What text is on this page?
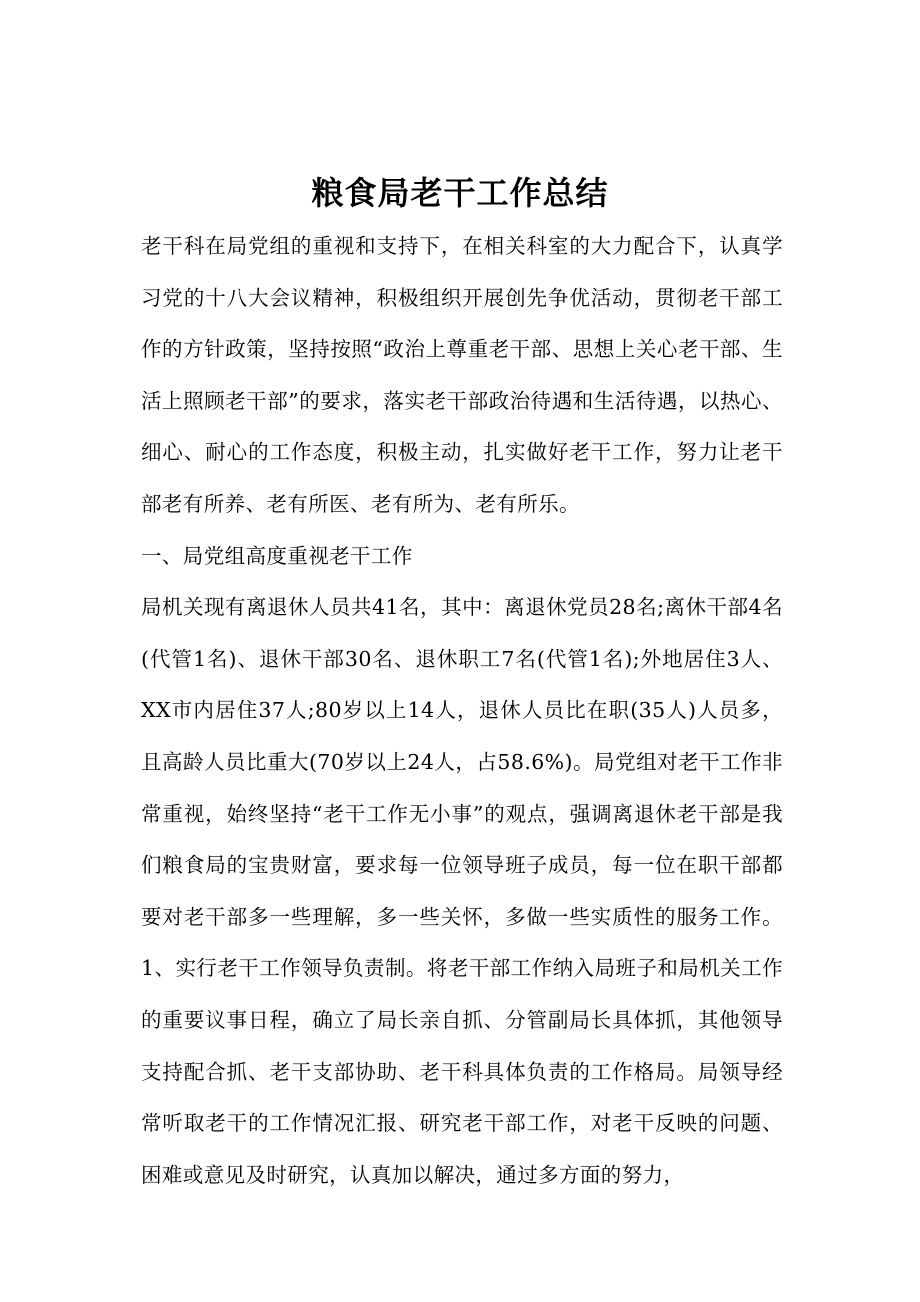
粮食局老干工作总结

老干科在局党组的重视和支持下，在相关科室的大力配合下，认真学习党的十八大会议精神，积极组织开展创先争优活动，贯彻老干部工作的方针政策，坚持按照“政治上尊重老干部、思想上关心老干部、生活上照顾老干部”的要求，落实老干部政治待遇和生活待遇，以热心、细心、耐心的工作态度，积极主动，扎实做好老干工作，努力让老干部老有所养、老有所医、老有所为、老有所乐。

一、局党组高度重视老干工作

局机关现有离退休人员共41名，其中：离退休党员28名;离休干部4名(代管1名)、退休干部30名、退休职工7名(代管1名);外地居住3人、XX市内居住37人;80岁以上14人，退休人员比在职(35人)人员多，且高龄人员比重大(70岁以上24人，占58.6%)。局党组对老干工作非常重视，始终坚持“老干工作无小事”的观点，强调离退休老干部是我们粮食局的宝贵财富，要求每一位领导班子成员，每一位在职干部都要对老干部多一些理解，多一些关怀，多做一些实质性的服务工作。1、实行老干工作领导负责制。将老干部工作纳入局班子和局机关工作的重要议事日程，确立了局长亲自抓、分管副局长具体抓，其他领导支持配合抓、老干支部协助、老干科具体负责的工作格局。局领导经常听取老干的工作情况汇报、研究老干部工作，对老干反映的问题、困难或意见及时研究，认真加以解决，通过多方面的努力，
